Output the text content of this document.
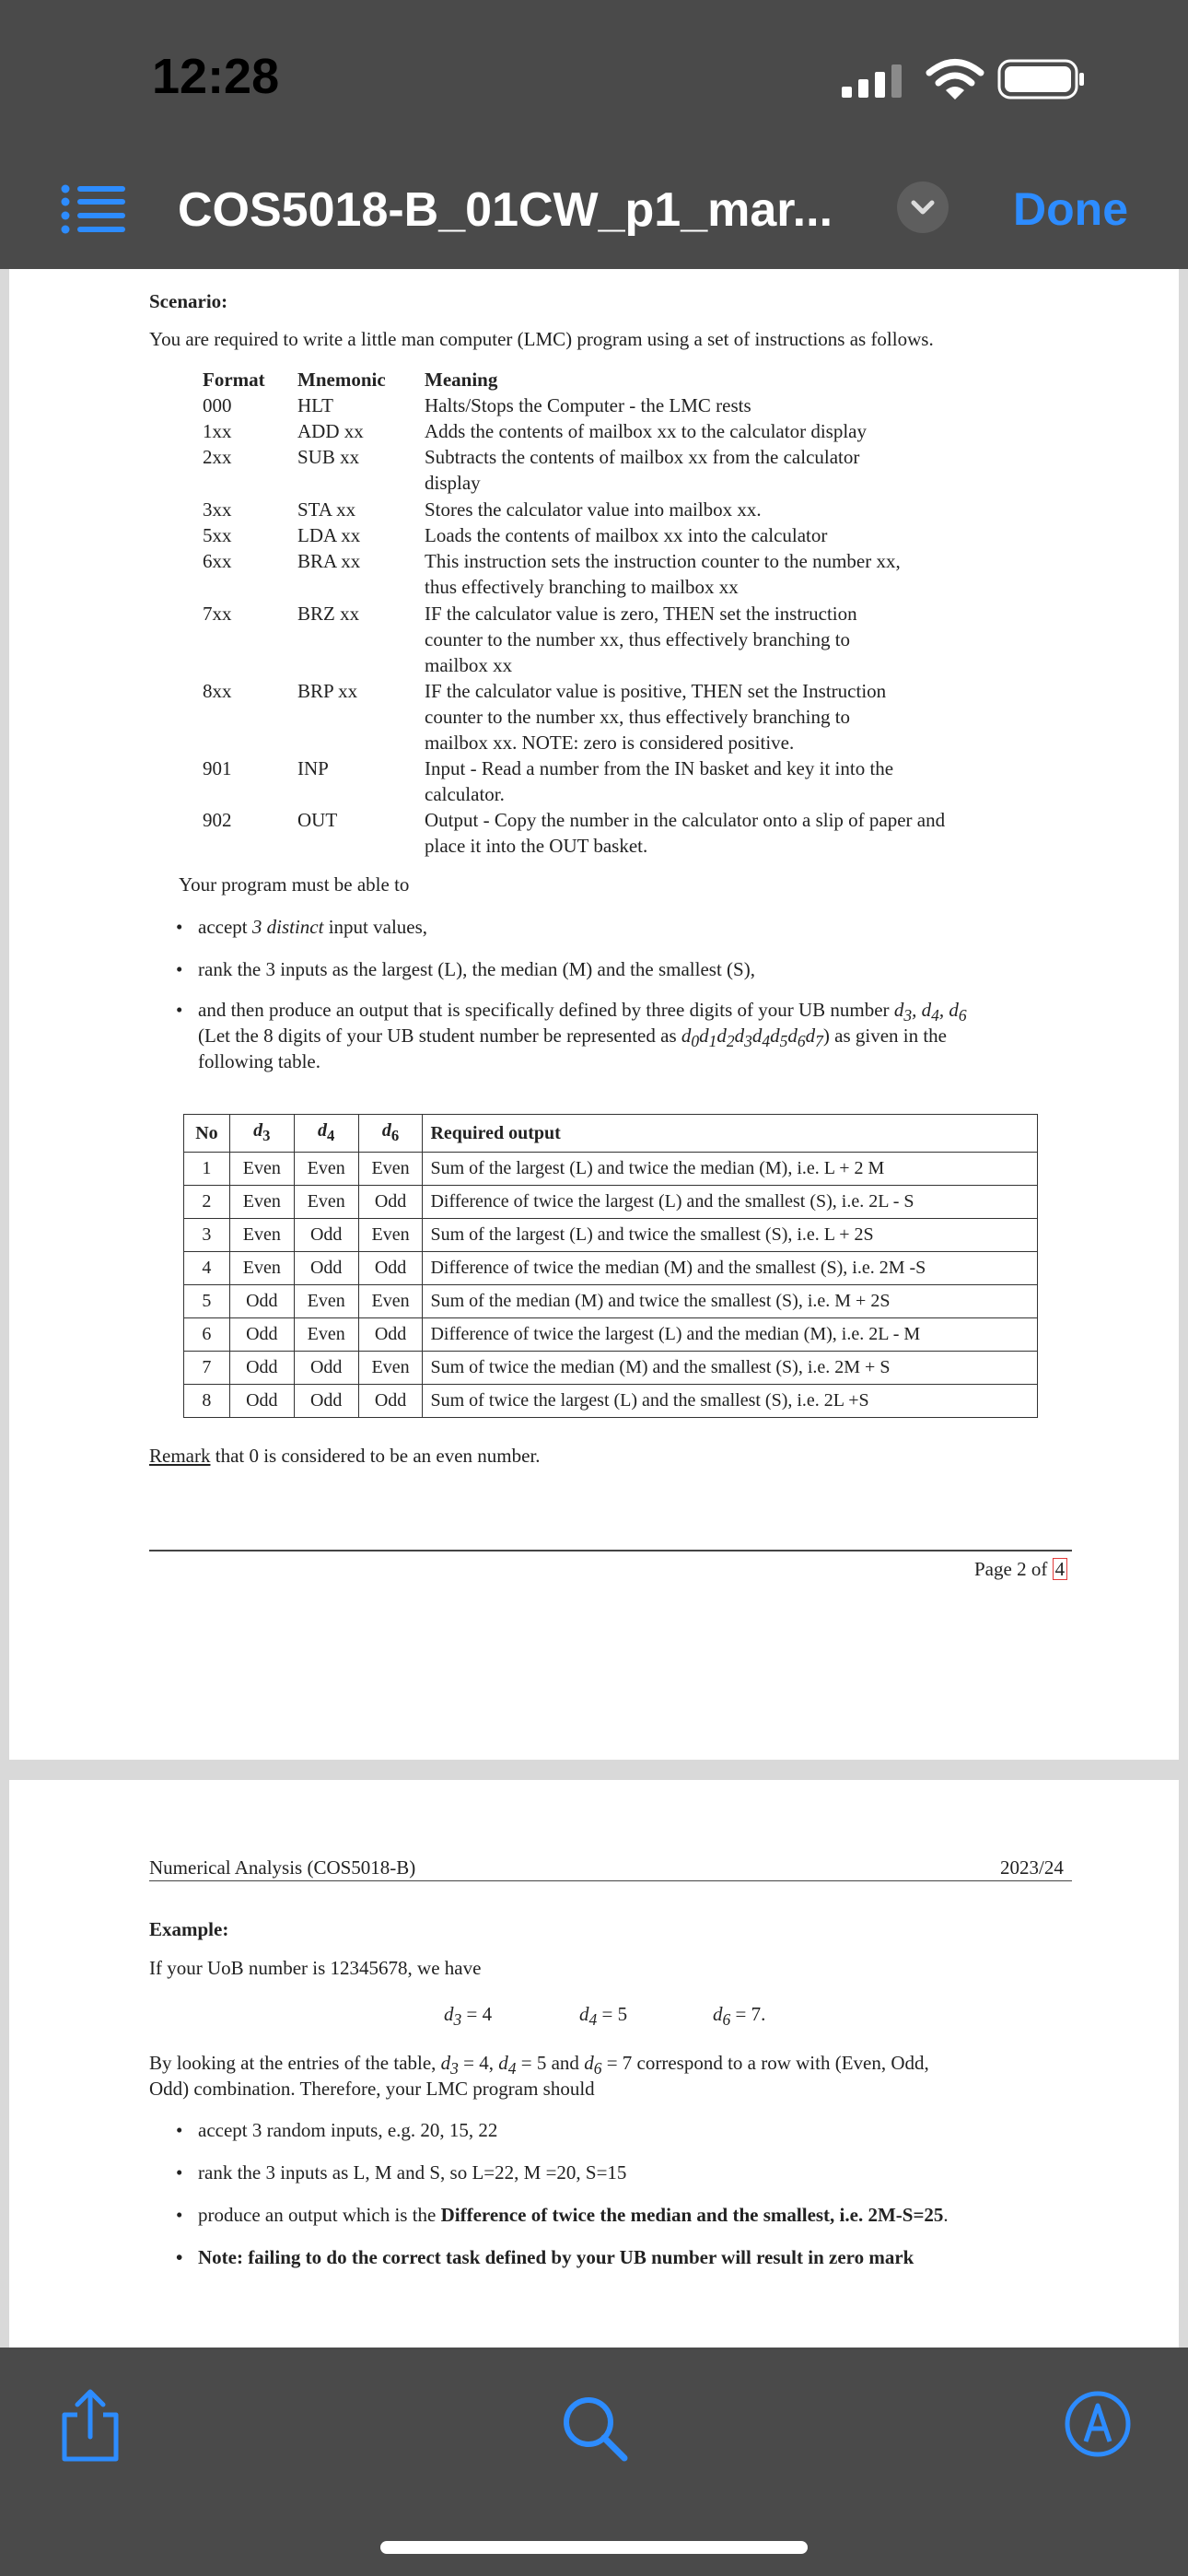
12:28
COS5018-B_01CW_p1_mar...	Done
Scenario:
You are required to write a little man computer (LMC) program using a set of instructions as follows.
Format Mnemonic Meaning
000	HLT	Halts/Stops the Computer - the LMC rests
1xx	ADD xx	Adds the contents of mailbox xx to the calculator display
2xx	SUB xx	Subtracts the contents of mailbox xx from the calculator
display
3xx	STA xx	Stores the calculator value into mailbox xx.
5xx	LDA xx	Loads the contents of mailbox xx into the calculator
6xx	BRA xx	This instruction sets the instruction counter to the number xx,
thus effectively branching to mailbox xx
7xx	BRZ xx	IF the calculator value is zero, THEN set the instruction
counter to the number xx, thus effectively branching to
mailbox xx
8xx	BRP xx	IF the calculator value is positive, THEN set the Instruction
counter to the number xx, thus effectively branching to
mailbox xx. NOTE: zero is considered positive.
901	INP	Input - Read a number from the IN basket and key it into the
calculator.
902	OUT	Output - Copy the number in the calculator onto a slip of paper and
place it into the OUT basket.
Your program must be able to
• accept 3 distinct input values,
• rank the 3 inputs as the largest (L), the median (M) and the smallest (S),
• and then produce an output that is specifically defined by three digits of your UB number $d_3$, $d_4$, $d_6$
(Let the 8 digits of your UB student number be represented as $d_0d_1d_2d_3d_4d_5d_6d_7$) as given in the
following table.
No	$d_3$	$d_4$	$d_6$	Required output
1	Even	Even	Even	Sum of the largest (L) and twice the median (M), i.e. L + 2 M
2	Even	Even	Odd	Difference of twice the largest (L) and the smallest (S), i.e. 2L - S
3	Even	Odd	Even	Sum of the largest (L) and twice the smallest (S), i.e. L + 2S
4	Even	Odd	Odd	Difference of twice the median (M) and the smallest (S), i.e. 2M -S
5	Odd	Even	Even	Sum of the median (M) and twice the smallest (S), i.e. M + 2S
6	Odd	Even	Odd	Difference of twice the largest (L) and the median (M), i.e. 2L - M
7	Odd	Odd	Even	Sum of twice the median (M) and the smallest (S), i.e. 2M + S
8	Odd	Odd	Odd	Sum of twice the largest (L) and the smallest (S), i.e. 2L +S
Remark that 0 is considered to be an even number.
Page 2 of 4
Numerical Analysis (COS5018-B)	2023/24
Example:
If your UoB number is 12345678, we have
$d_3 = 4$	$d_4 = 5$	$d_6 = 7$.
By looking at the entries of the table, $d_3 = 4$, $d_4 = 5$ and $d_6 = 7$ correspond to a row with (Even, Odd,
Odd) combination. Therefore, your LMC program should
• accept 3 random inputs, e.g. 20, 15, 22
• rank the 3 inputs as L, M and S, so L=22, M =20, S=15
• produce an output which is the Difference of twice the median and the smallest, i.e. 2M-S=25.
• Note: failing to do the correct task defined by your UB number will result in zero mark
